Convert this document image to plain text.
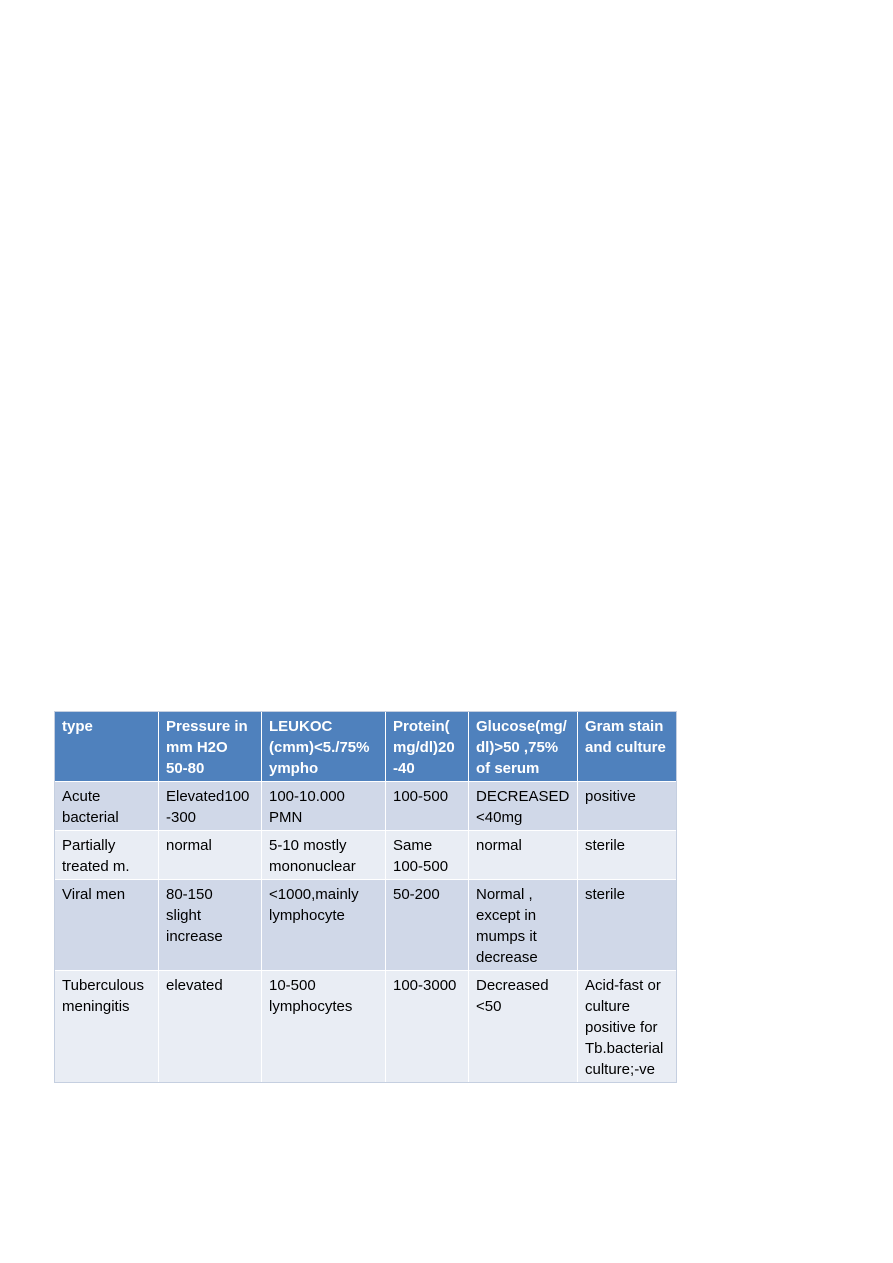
type	Pressure in
mm H2O
50-80	LEUKOC
(cmm)<5./75%
ympho	Protein(
mg/dl)20
-40	Glucose(mg/
dl)>50 ,75%
of serum	Gram stain
and culture

Acute
bacterial	Elevated100
-300	100-10.000
PMN	100-500	DECREASED
<40mg	positive

Partially
treated m.	normal	5-10 mostly
mononuclear	Same
100-500	normal	sterile

Viral men	80-150
slight
increase	<1000,mainly
lymphocyte	50-200	Normal ,
except in
mumps it
decrease	sterile

Tuberculous
meningitis	elevated	10-500
lymphocytes	100-3000	Decreased
<50	Acid-fast or
culture
positive for
Tb.bacterial
culture;-ve
